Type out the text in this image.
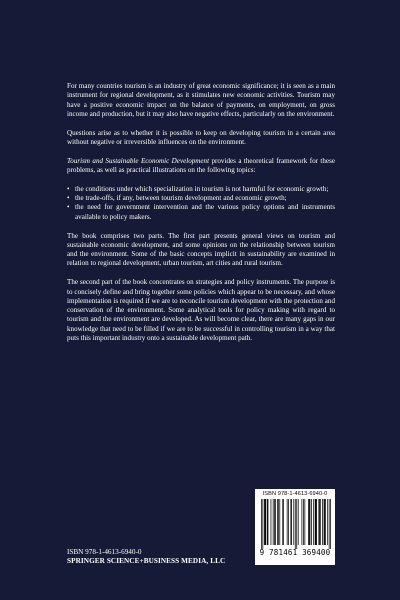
For many countries tourism is an industry of great economic significance; it is seen as a main instrument for regional development, as it stimulates new economic activities. Tourism may have a positive economic impact on the balance of payments, on employment, on gross income and production, but it may also have negative effects, particularly on the environment.

Questions arise as to whether it is possible to keep on developing tourism in a certain area without negative or irreversible influences on the environment.

Tourism and Sustainable Economic Development provides a theoretical framework for these problems, as well as practical illustrations on the following topics:

• the conditions under which specialization in tourism is not harmful for economic growth;
• the trade-offs, if any, between tourism development and economic growth;
• the need for government intervention and the various policy options and instruments available to policy makers.

The book comprises two parts. The first part presents general views on tourism and sustainable economic development, and some opinions on the relationship between tourism and the environment. Some of the basic concepts implicit in sustainability are examined in relation to regional development, urban tourism, art cities and rural tourism.

The second part of the book concentrates on strategies and policy instruments. The purpose is to concisely define and bring together some policies which appear to be necessary, and whose implementation is required if we are to reconcile tourism development with the protection and conservation of the environment. Some analytical tools for policy making with regard to tourism and the environment are developed. As will become clear, there are many gaps in our knowledge that need to be filled if we are to be successful in controlling tourism in a way that puts this important industry onto a sustainable development path.

ISBN 978-1-4613-6940-0
SPRINGER SCIENCE+BUSINESS MEDIA, LLC
ISBN 978-1-4613-6940-0
9 781461 369400
